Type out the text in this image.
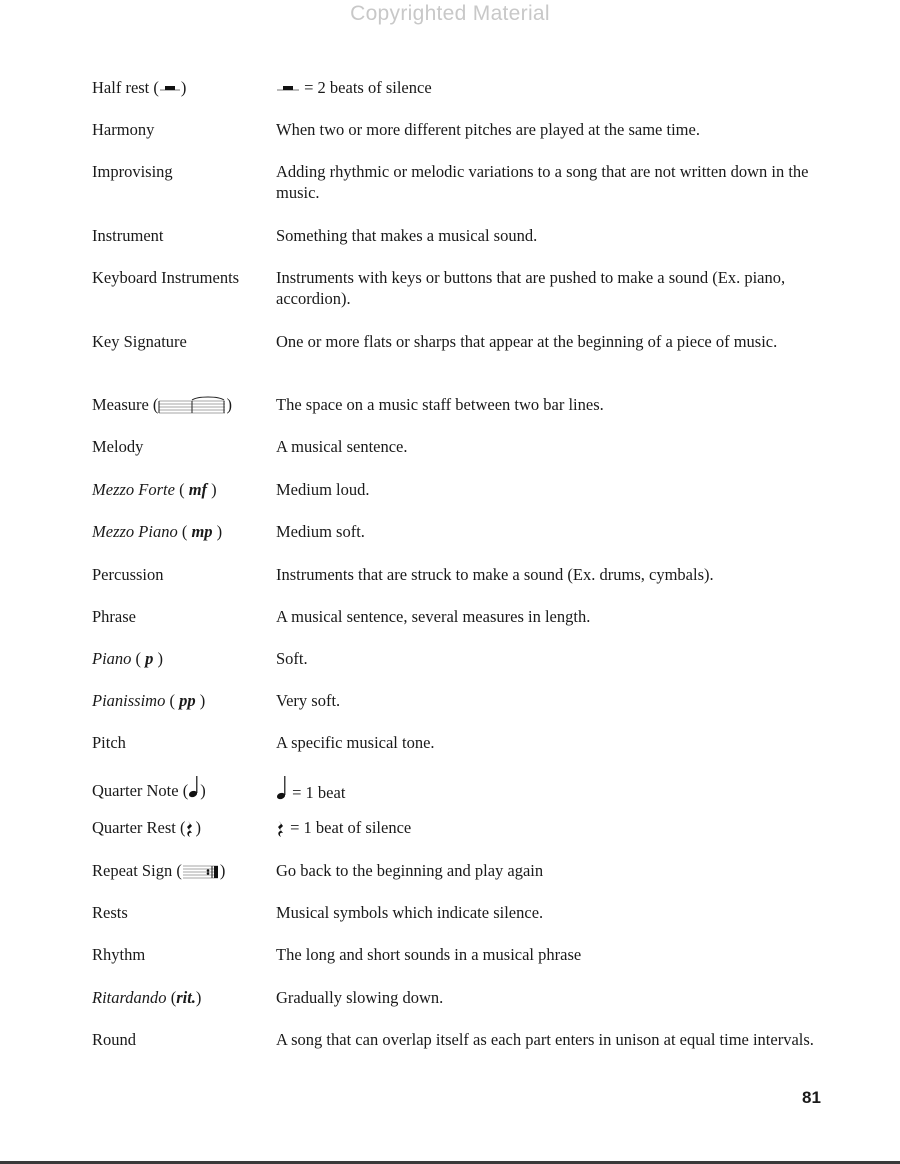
Copyrighted Material
Half rest ( )	= 2 beats of silence
Harmony	When two or more different pitches are played at the same time.
Improvising	Adding rhythmic or melodic variations to a song that are not written down in the music.
Instrument	Something that makes a musical sound.
Keyboard Instruments	Instruments with keys or buttons that are pushed to make a sound (Ex. piano, accordion).
Key Signature	One or more flats or sharps that appear at the beginning of a piece of music.
Measure (	)	The space on a music staff between two bar lines.
Melody	A musical sentence.
Mezzo Forte ( mf )	Medium loud.
Mezzo Piano ( mp )	Medium soft.
Percussion	Instruments that are struck to make a sound (Ex. drums, cymbals).
Phrase	A musical sentence, several measures in length.
Piano ( p )	Soft.
Pianissimo ( pp )	Very soft.
Pitch	A specific musical tone.
Quarter Note ( )	= 1 beat
Quarter Rest ( )	= 1 beat of silence
Repeat Sign ( )	Go back to the beginning and play again
Rests	Musical symbols which indicate silence.
Rhythm	The long and short sounds in a musical phrase
Ritardando (rit.)	Gradually slowing down.
Round	A song that can overlap itself as each part enters in unison at equal time intervals.
81
